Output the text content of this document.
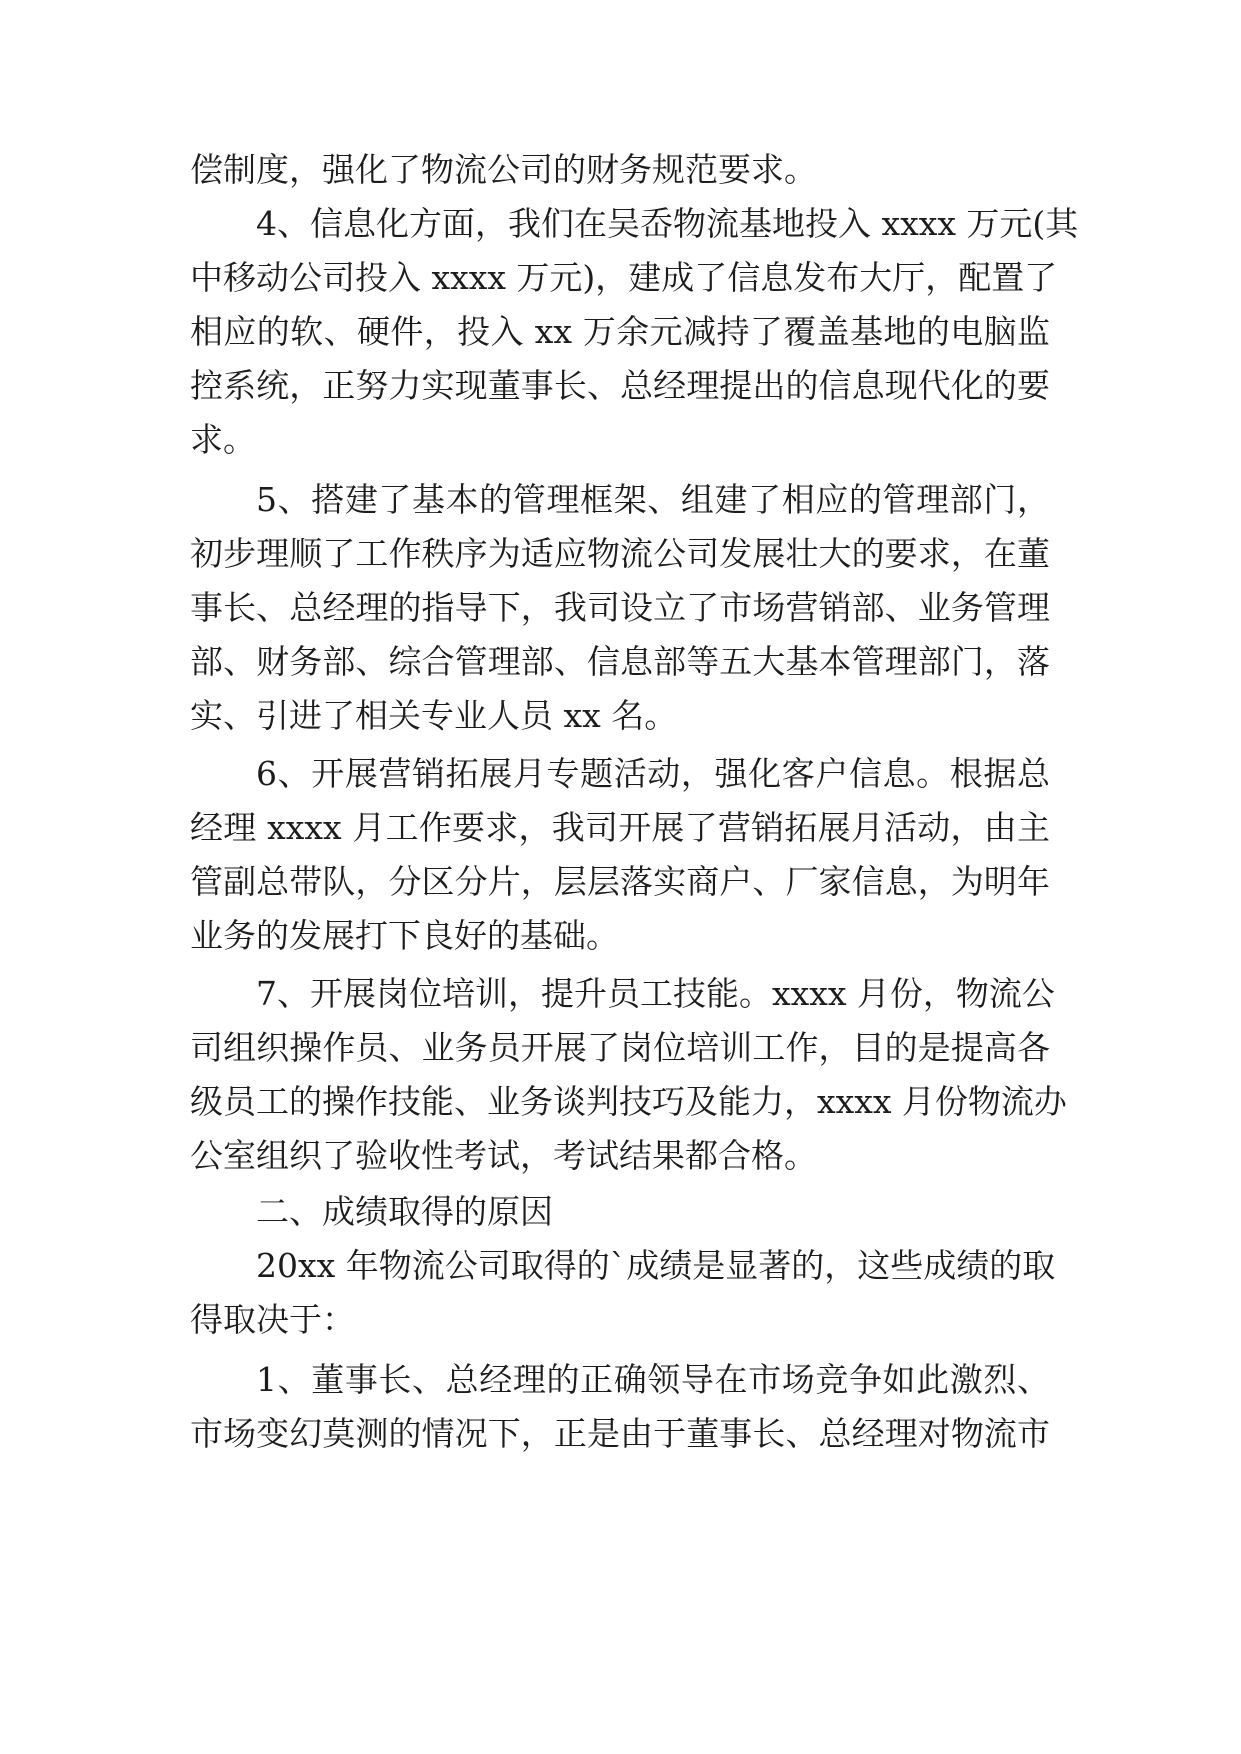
偿制度，强化了物流公司的财务规范要求。

4、信息化方面，我们在吴岙物流基地投入 xxxx 万元(其

中移动公司投入 xxxx 万元)，建成了信息发布大厅，配置了

相应的软、硬件，投入 xx 万余元减持了覆盖基地的电脑监

控系统，正努力实现董事长、总经理提出的信息现代化的要

求。

5、搭建了基本的管理框架、组建了相应的管理部门，

初步理顺了工作秩序为适应物流公司发展壮大的要求，在董

事长、总经理的指导下，我司设立了市场营销部、业务管理

部、财务部、综合管理部、信息部等五大基本管理部门，落

实、引进了相关专业人员 xx 名。

6、开展营销拓展月专题活动，强化客户信息。根据总

经理 xxxx 月工作要求，我司开展了营销拓展月活动，由主

管副总带队，分区分片，层层落实商户、厂家信息，为明年

业务的发展打下良好的基础。

7、开展岗位培训，提升员工技能。xxxx 月份，物流公

司组织操作员、业务员开展了岗位培训工作，目的是提高各

级员工的操作技能、业务谈判技巧及能力，xxxx 月份物流办

公室组织了验收性考试，考试结果都合格。

二、成绩取得的原因

20xx 年物流公司取得的`成绩是显著的，这些成绩的取

得取决于：

1、董事长、总经理的正确领导在市场竞争如此激烈、

市场变幻莫测的情况下，正是由于董事长、总经理对物流市
